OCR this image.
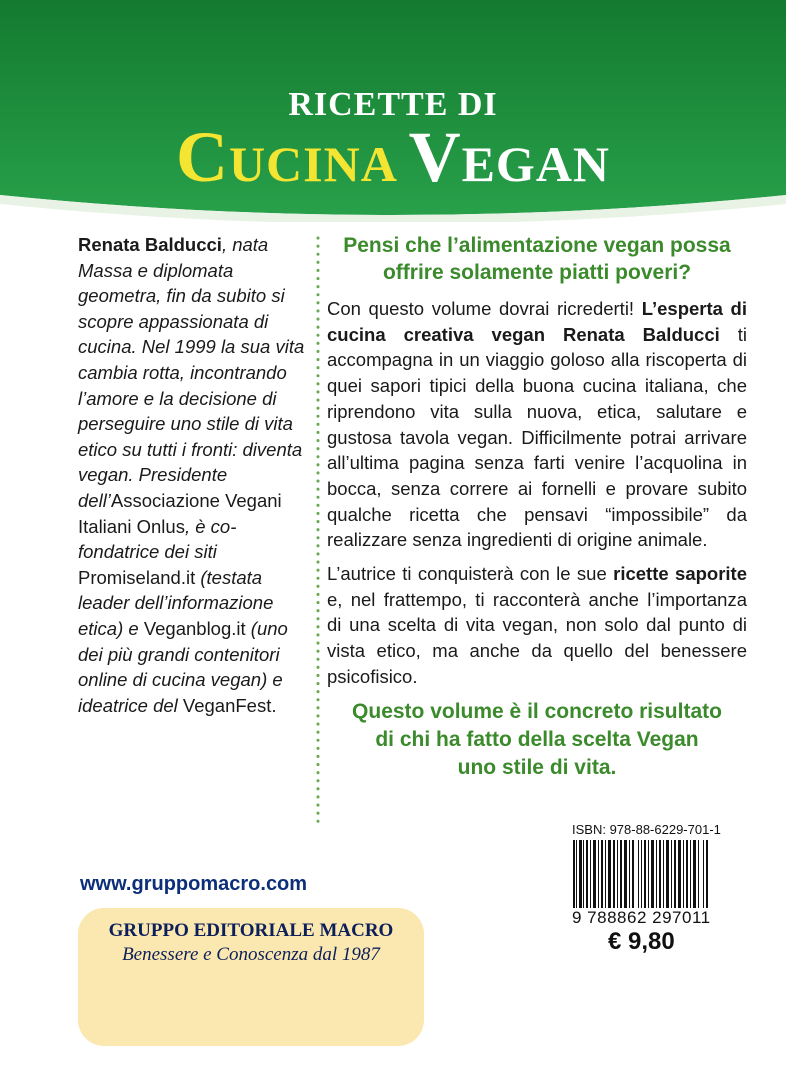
RICETTE DI
CUCINA VEGAN
Renata Balducci, nata Massa e diplomata geometra, fin da subito si scopre appassionata di cucina. Nel 1999 la sua vita cambia rotta, incontrando l’amore e la decisione di perseguire uno stile di vita etico su tutti i fronti: diventa vegan. Presidente dell’Associazione Vegani Italiani Onlus, è co-fondatrice dei siti Promiseland.it (testata leader dell’informazione etica) e Veganblog.it (uno dei più grandi contenitori online di cucina vegan) e ideatrice del VeganFest.
Pensi che l’alimentazione vegan possa offrire solamente piatti poveri?

Con questo volume dovrai ricrederti! L’esperta di cucina creativa vegan Renata Balducci ti accompagna in un viaggio goloso alla riscoperta di quei sapori tipici della buona cucina italiana, che riprendono vita sulla nuova, etica, salutare e gustosa tavola vegan. Difficilmente potrai arrivare all’ultima pagina senza farti venire l’acquolina in bocca, senza correre ai fornelli e provare subito qualche ricetta che pensavi “impossibile” da realizzare senza ingredienti di origine animale.

L’autrice ti conquisterà con le sue ricette saporite e, nel frattempo, ti racconterà anche l’importanza di una scelta di vita vegan, non solo dal punto di vista etico, ma anche da quello del benessere psicofisico.

Questo volume è il concreto risultato
di chi ha fatto della scelta Vegan
uno stile di vita.
www.gruppomacro.com
GRUPPO EDITORIALE MACRO
Benessere e Conoscenza dal 1987
ISBN: 978-88-6229-701-1
9 788862 297011
€ 9,80
